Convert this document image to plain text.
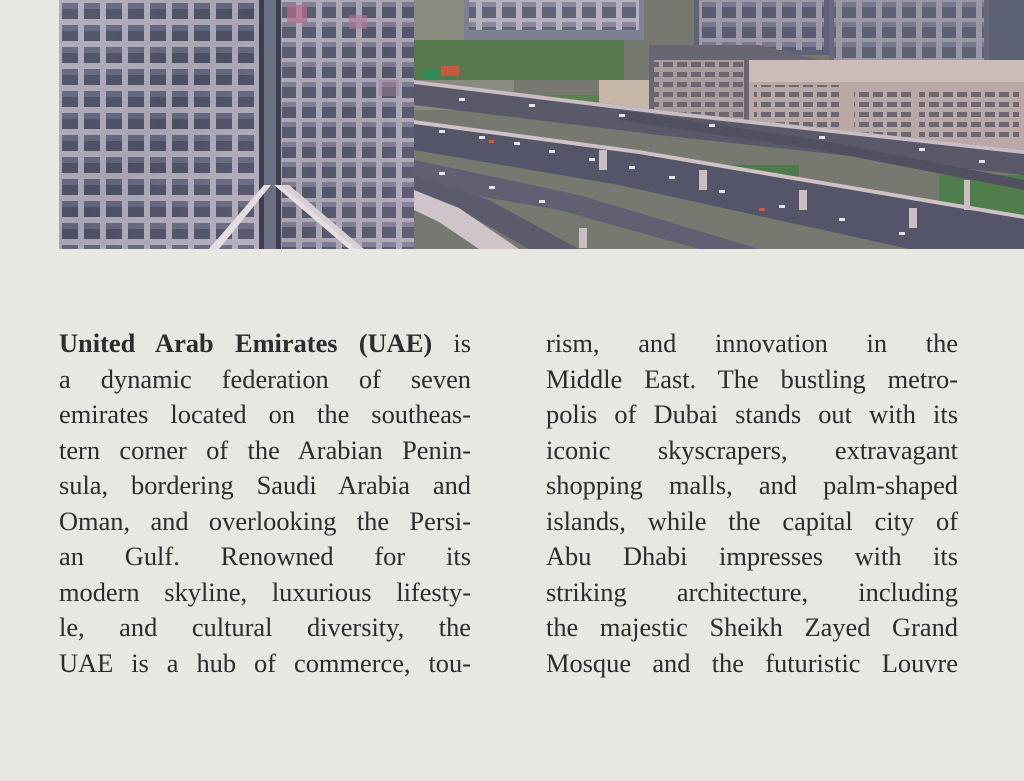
United Arab Emirates (UAE) is
a dynamic federation of seven
emirates located on the southeas-
tern corner of the Arabian Penin-
sula, bordering Saudi Arabia and
Oman, and overlooking the Persi-
an Gulf. Renowned for its
modern skyline, luxurious lifesty-
le, and cultural diversity, the
UAE is a hub of commerce, tou-
rism, and innovation in the
Middle East. The bustling metro-
polis of Dubai stands out with its
iconic skyscrapers, extravagant
shopping malls, and palm-shaped
islands, while the capital city of
Abu Dhabi impresses with its
striking architecture, including
the majestic Sheikh Zayed Grand
Mosque and the futuristic Louvre
